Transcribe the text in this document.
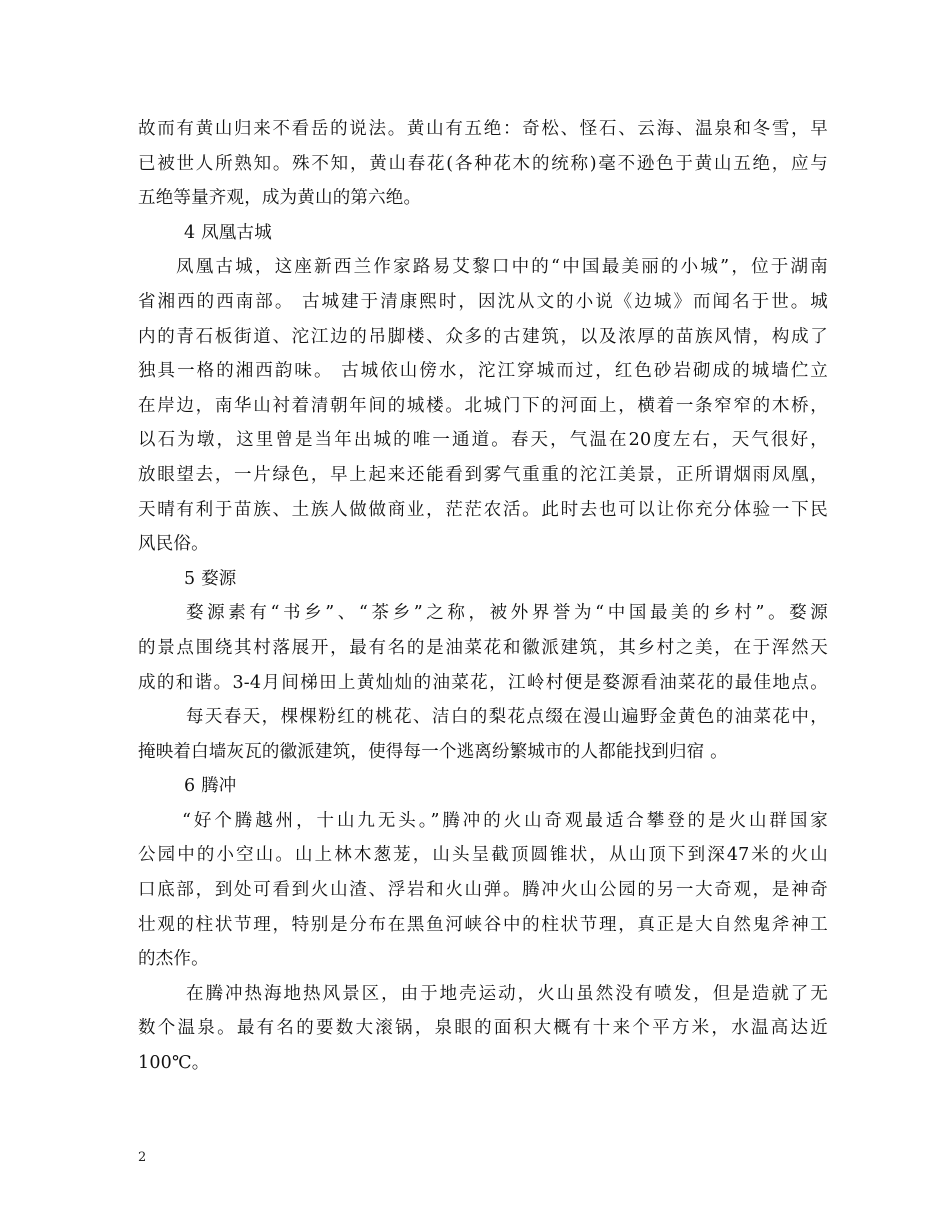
故而有黄山归来不看岳的说法。黄山有五绝：奇松、怪石、云海、温泉和冬雪，早
已被世人所熟知。殊不知，黄山春花(各种花木的统称)毫不逊色于黄山五绝，应与
五绝等量齐观，成为黄山的第六绝。
4 凤凰古城
凤凰古城，这座新西兰作家路易艾黎口中的“中国最美丽的小城”，位于湖南
省湘西的西南部。 古城建于清康熙时，因沈从文的小说《边城》而闻名于世。城
内的青石板街道、沱江边的吊脚楼、众多的古建筑，以及浓厚的苗族风情，构成了
独具一格的湘西韵味。 古城依山傍水，沱江穿城而过，红色砂岩砌成的城墙伫立
在岸边，南华山衬着清朝年间的城楼。北城门下的河面上，横着一条窄窄的木桥，
以石为墩，这里曾是当年出城的唯一通道。春天，气温在20度左右，天气很好，
放眼望去，一片绿色，早上起来还能看到雾气重重的沱江美景，正所谓烟雨凤凰，
天晴有利于苗族、土族人做做商业，茫茫农活。此时去也可以让你充分体验一下民
风民俗。
5 婺源
婺源素有“书乡”、“茶乡”之称，被外界誉为“中国最美的乡村”。婺源
的景点围绕其村落展开，最有名的是油菜花和徽派建筑，其乡村之美，在于浑然天
成的和谐。3-4月间梯田上黄灿灿的油菜花，江岭村便是婺源看油菜花的最佳地点。
每天春天，棵棵粉红的桃花、洁白的梨花点缀在漫山遍野金黄色的油菜花中，
掩映着白墙灰瓦的徽派建筑，使得每一个逃离纷繁城市的人都能找到归宿 。
6 腾冲
“好个腾越州，十山九无头。”腾冲的火山奇观最适合攀登的是火山群国家
公园中的小空山。山上林木葱茏，山头呈截顶圆锥状，从山顶下到深47米的火山
口底部，到处可看到火山渣、浮岩和火山弹。腾冲火山公园的另一大奇观，是神奇
壮观的柱状节理，特别是分布在黑鱼河峡谷中的柱状节理，真正是大自然鬼斧神工
的杰作。
在腾冲热海地热风景区，由于地壳运动，火山虽然没有喷发，但是造就了无
数个温泉。最有名的要数大滚锅，泉眼的面积大概有十来个平方米，水温高达近
100℃。
2
